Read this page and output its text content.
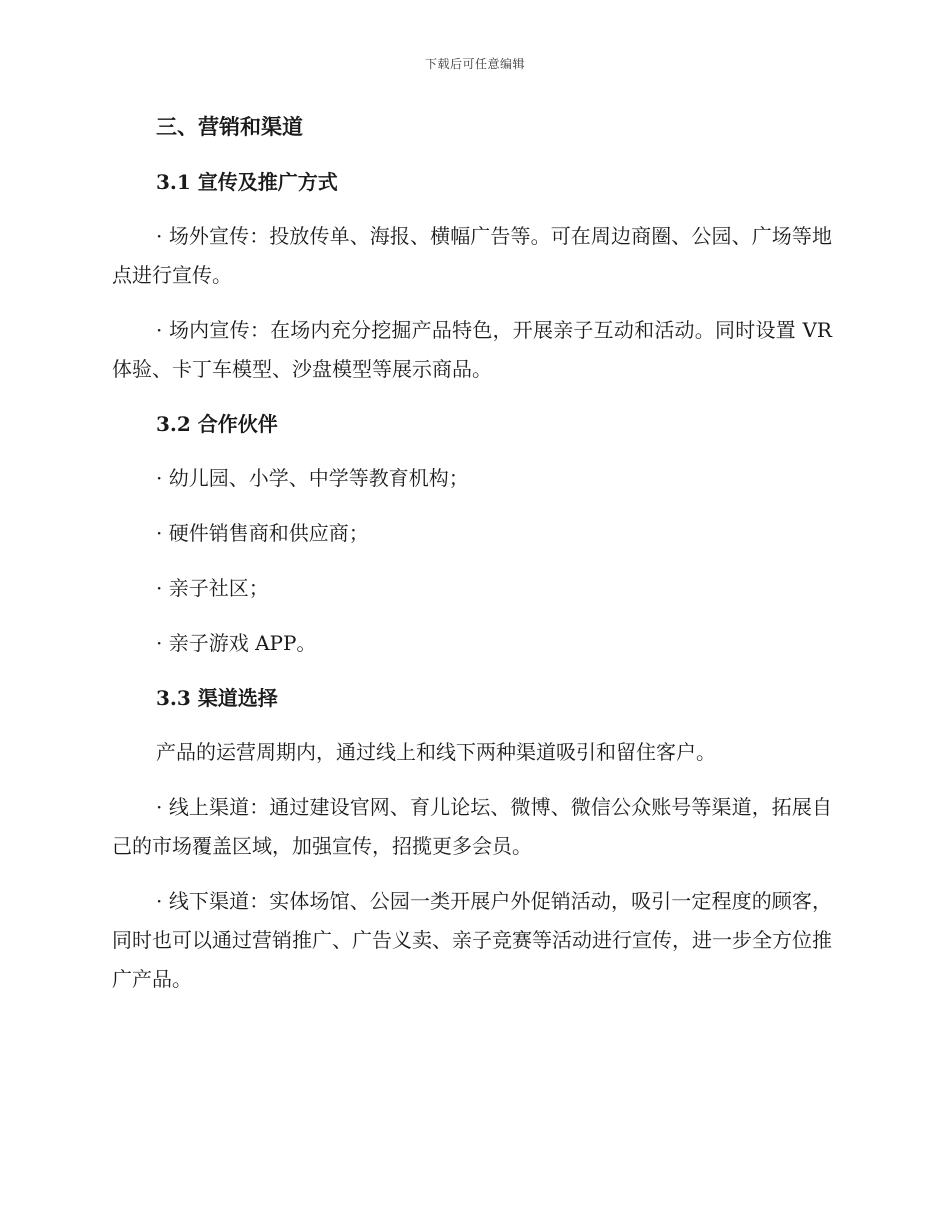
下载后可任意编辑
三、营销和渠道
3.1 宣传及推广方式

· 场外宣传：投放传单、海报、横幅广告等。可在周边商圈、公园、广场等地点进行宣传。

· 场内宣传：在场内充分挖掘产品特色，开展亲子互动和活动。同时设置 VR 体验、卡丁车模型、沙盘模型等展示商品。

3.2 合作伙伴
· 幼儿园、小学、中学等教育机构；
· 硬件销售商和供应商；
· 亲子社区；
· 亲子游戏 APP。
3.3 渠道选择

产品的运营周期内，通过线上和线下两种渠道吸引和留住客户。

· 线上渠道：通过建设官网、育儿论坛、微博、微信公众账号等渠道，拓展自己的市场覆盖区域，加强宣传，招揽更多会员。

· 线下渠道：实体场馆、公园一类开展户外促销活动，吸引一定程度的顾客，同时也可以通过营销推广、广告义卖、亲子竞赛等活动进行宣传，进一步全方位推广产品。
